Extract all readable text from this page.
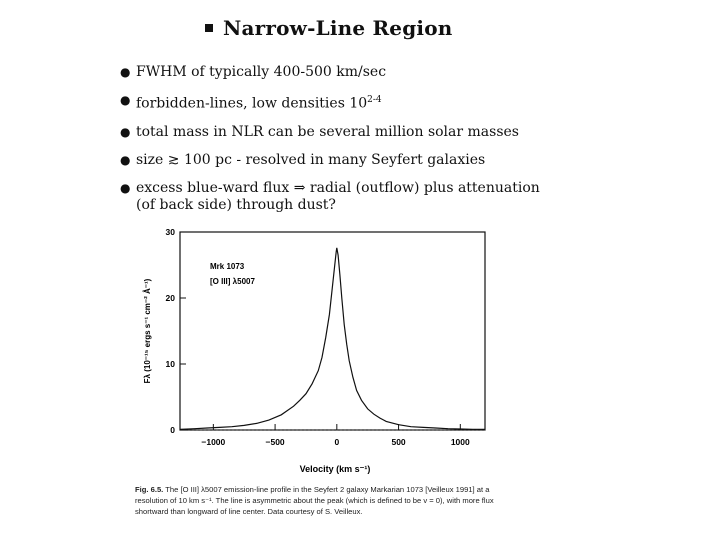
Narrow-Line Region
● FWHM of typically 400-500 km/sec
● forbidden-lines, low densities 10$^{2-4}$
● total mass in NLR can be several million solar masses
● size ≳ 100 pc - resolved in many Seyfert galaxies
● excess blue-ward flux ⇒ radial (outflow) plus attenuation (of back side) through dust?
−1000	−500	0	500	1000
0
10
20
30
Mrk 1073
[O III] λ5007
Velocity (km s⁻¹)
Fλ (10⁻¹⁵ ergs s⁻¹ cm⁻² Å⁻¹)
Fig. 6.5. The [O III] λ5007 emission-line profile in the Seyfert 2 galaxy Markarian 1073 [Veilleux 1991] at a resolution of 10 km s⁻¹. The line is asymmetric about the peak (which is defined to be v = 0), with more flux shortward than longward of line center. Data courtesy of S. Veilleux.
